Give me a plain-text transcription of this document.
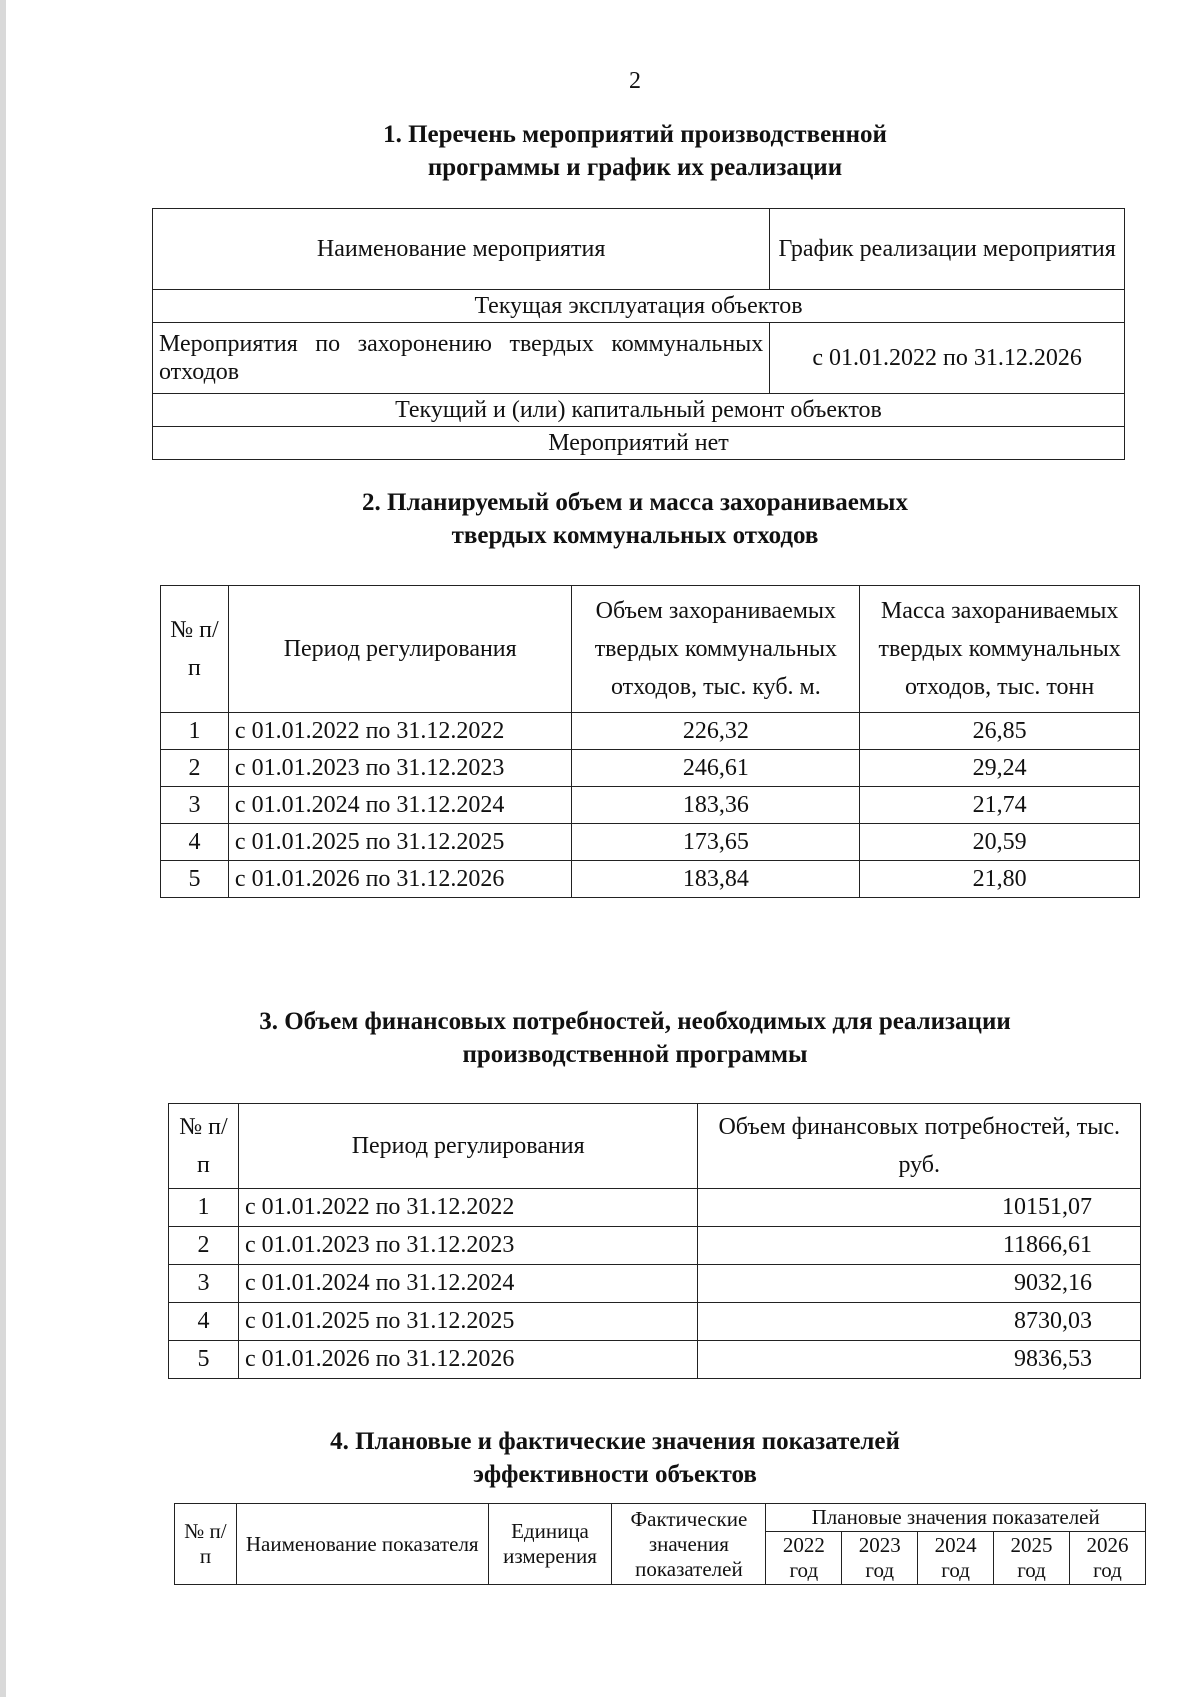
2
1. Перечень мероприятий производственной
программы и график их реализации
Наименование мероприятия	График реализации мероприятия
Текущая эксплуатация объектов	
Мероприятия по захоронению твердых коммунальных отходов	с 01.01.2022 по 31.12.2026
Текущий и (или) капитальный ремонт объектов	
Мероприятий нет	
2. Планируемый объем и масса захораниваемых
твердых коммунальных отходов
№ п/п	Период регулирования	Объем захораниваемых твердых коммунальных отходов, тыс. куб. м.	Масса захораниваемых твердых коммунальных отходов, тыс. тонн
1	с 01.01.2022 по 31.12.2022	226,32	26,85
2	с 01.01.2023 по 31.12.2023	246,61	29,24
3	с 01.01.2024 по 31.12.2024	183,36	21,74
4	с 01.01.2025 по 31.12.2025	173,65	20,59
5	с 01.01.2026 по 31.12.2026	183,84	21,80
3. Объем финансовых потребностей, необходимых для реализации
производственной программы
№ п/п	Период регулирования	Объем финансовых потребностей, тыс. руб.
1	с 01.01.2022 по 31.12.2022	10151,07
2	с 01.01.2023 по 31.12.2023	11866,61
3	с 01.01.2024 по 31.12.2024	9032,16
4	с 01.01.2025 по 31.12.2025	8730,03
5	с 01.01.2026 по 31.12.2026	9836,53
4. Плановые и фактические значения показателей
эффективности объектов
№ п/п	Наименование показателя	Единица измерения	Фактические значения показателей	Плановые значения показателей				
				2022 год	2023 год	2024 год	2025 год	2026 год
